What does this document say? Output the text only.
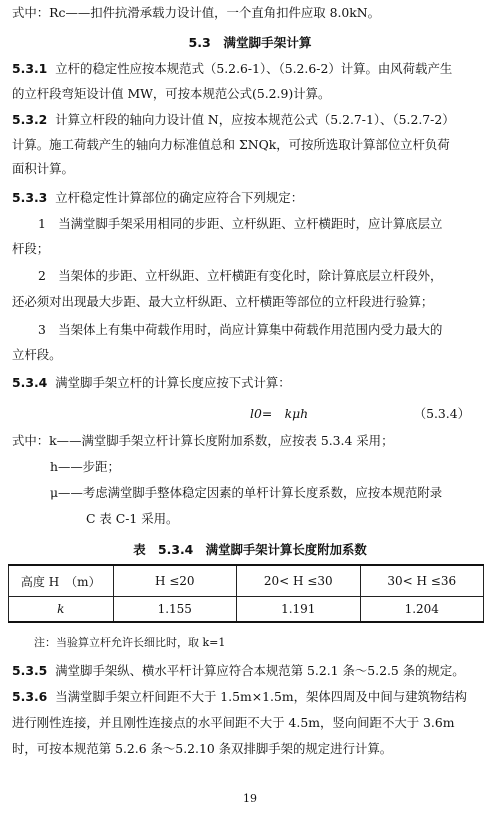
式中：Rc——扣件抗滑承载力设计值，一个直角扣件应取 8.0kN。
5.3　满堂脚手架计算
5.3.1 立杆的稳定性应按本规范式（5.2.6-1）、（5.2.6-2）计算。由风荷载产生
的立杆段弯矩设计值 MW，可按本规范公式(5.2.9)计算。
5.3.2 计算立杆段的轴向力设计值 N，应按本规范公式（5.2.7-1）、（5.2.7-2）
计算。施工荷载产生的轴向力标准值总和 ΣNQk，可按所选取计算部位立杆负荷
面积计算。
5.3.3 立杆稳定性计算部位的确定应符合下列规定：
1　当满堂脚手架采用相同的步距、立杆纵距、立杆横距时，应计算底层立
杆段；
2　当架体的步距、立杆纵距、立杆横距有变化时，除计算底层立杆段外，
还必须对出现最大步距、最大立杆纵距、立杆横距等部位的立杆段进行验算；
3　当架体上有集中荷载作用时，尚应计算集中荷载作用范围内受力最大的
立杆段。
5.3.4 满堂脚手架立杆的计算长度应按下式计算：
l0=　kμh	（5.3.4）
式中：k——满堂脚手架立杆计算长度附加系数，应按表 5.3.4 采用；
h——步距；
μ——考虑满堂脚手整体稳定因素的单杆计算长度系数，应按本规范附录
C 表 C-1 采用。
表　5.3.4　满堂脚手架计算长度附加系数
高度 H　（m）	H ≤20	20< H ≤30	30< H ≤36
k	1.155	1.191	1.204
注：当验算立杆允许长细比时，取 k=1
5.3.5 满堂脚手架纵、横水平杆计算应符合本规范第 5.2.1 条～5.2.5 条的规定。
5.3.6 当满堂脚手架立杆间距不大于 1.5m×1.5m，架体四周及中间与建筑物结构
进行刚性连接，并且刚性连接点的水平间距不大于 4.5m，竖向间距不大于 3.6m
时，可按本规范第 5.2.6 条～5.2.10 条双排脚手架的规定进行计算。
19
